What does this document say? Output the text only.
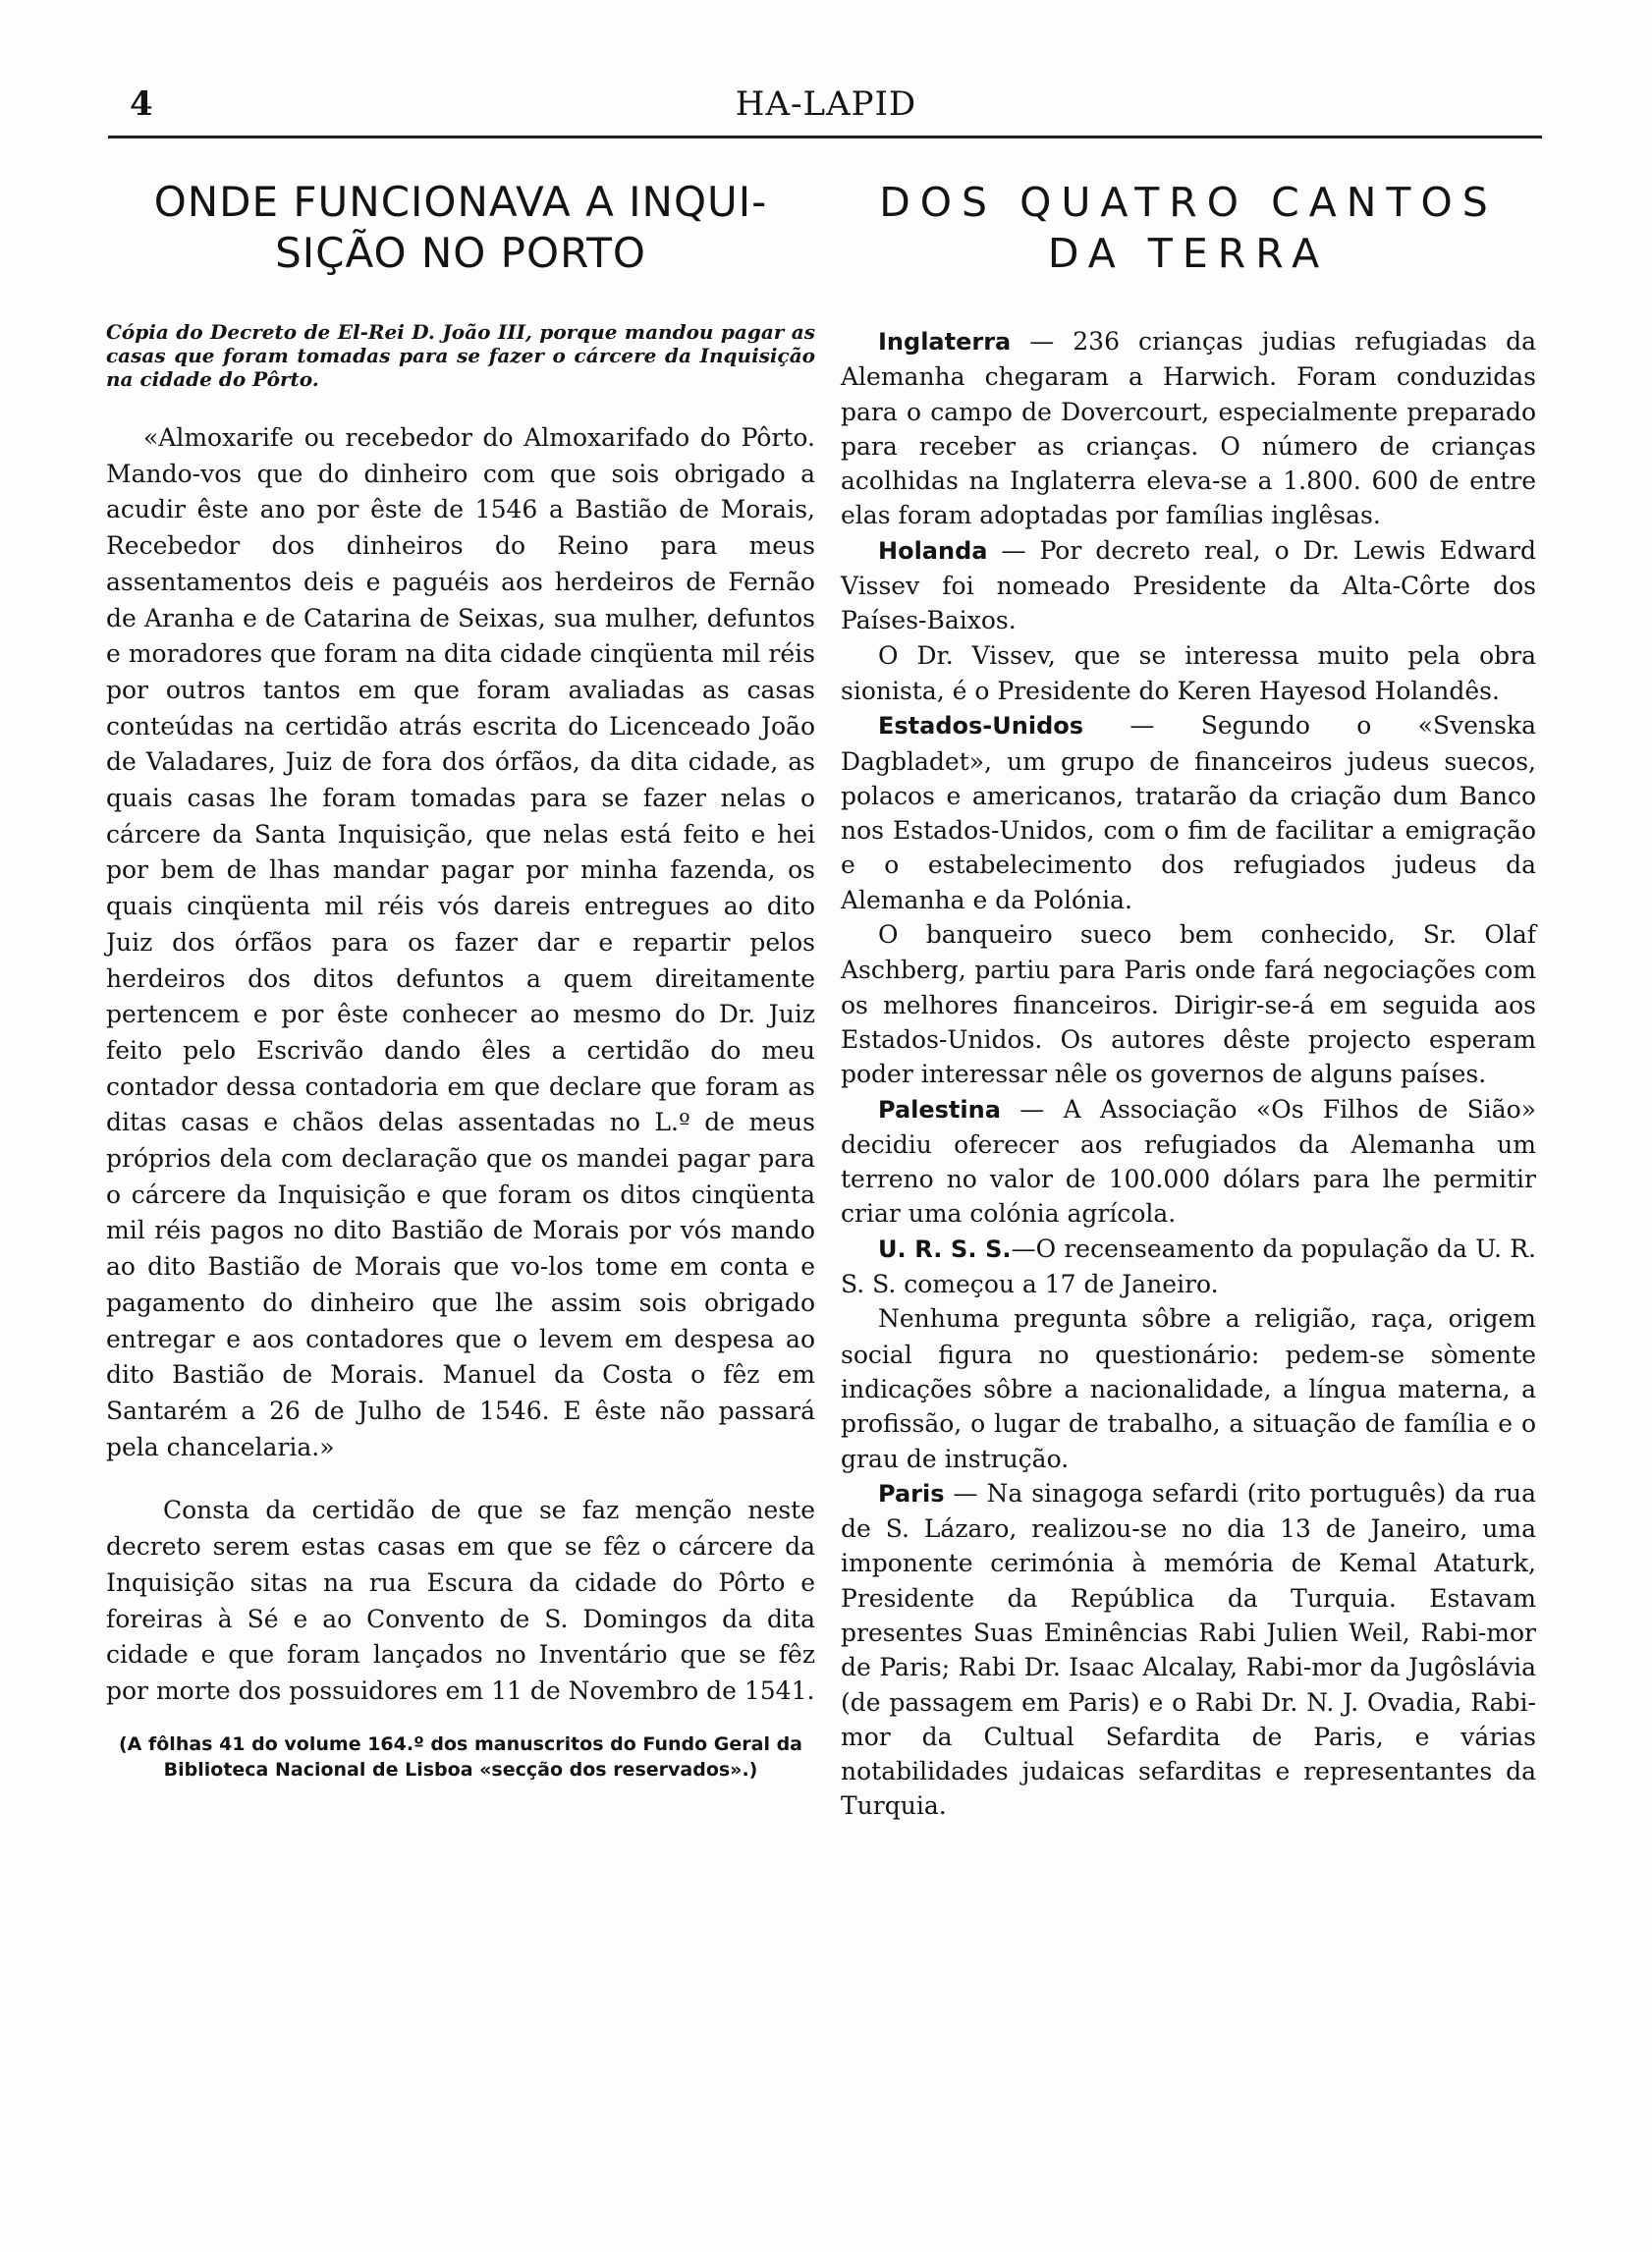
4	HA-LAPID
ONDE FUNCIONAVA A INQUI-
SIÇÃO NO PORTO

Cópia do Decreto de El-Rei D. João III, porque mandou pagar as casas que foram tomadas para se fazer o cárcere da Inquisição na cidade do Pôrto.

«Almoxarife ou recebedor do Almoxarifado do Pôrto. Mando-vos que do dinheiro com que sois obrigado a acudir êste ano por êste de 1546 a Bastião de Morais, Recebedor dos dinheiros do Reino para meus assentamentos deis e paguéis aos herdeiros de Fernão de Aranha e de Catarina de Seixas, sua mulher, defuntos e moradores que foram na dita cidade cinqüenta mil réis por outros tantos em que foram avaliadas as casas conteúdas na certidão atrás escrita do Licenceado João de Valadares, Juiz de fora dos órfãos, da dita cidade, as quais casas lhe foram tomadas para se fazer nelas o cárcere da Santa Inquisição, que nelas está feito e hei por bem de lhas mandar pagar por minha fazenda, os quais cinqüenta mil réis vós dareis entregues ao dito Juiz dos órfãos para os fazer dar e repartir pelos herdeiros dos ditos defuntos a quem direitamente pertencem e por êste conhecer ao mesmo do Dr. Juiz feito pelo Escrivão dando êles a certidão do meu contador dessa contadoria em que declare que foram as ditas casas e chãos delas assentadas no L.º de meus próprios dela com declaração que os mandei pagar para o cárcere da Inquisição e que foram os ditos cinqüenta mil réis pagos no dito Bastião de Morais por vós mando ao dito Bastião de Morais que vo-los tome em conta e pagamento do dinheiro que lhe assim sois obrigado entregar e aos contadores que o levem em despesa ao dito Bastião de Morais. Manuel da Costa o fêz em Santarém a 26 de Julho de 1546. E êste não passará pela chancelaria.»

Consta da certidão de que se faz menção neste decreto serem estas casas em que se fêz o cárcere da Inquisição sitas na rua Escura da cidade do Pôrto e foreiras à Sé e ao Convento de S. Domingos da dita cidade e que foram lançados no Inventário que se fêz por morte dos possuidores em 11 de Novembro de 1541.

(A fôlhas 41 do volume 164.º dos manuscritos do Fundo Geral da Biblioteca Nacional de Lisboa «secção dos reservados».)

DOS QUATRO CANTOS
DA TERRA

Inglaterra — 236 crianças judias refugiadas da Alemanha chegaram a Harwich. Foram conduzidas para o campo de Dovercourt, especialmente preparado para receber as crianças. O número de crianças acolhidas na Inglaterra eleva-se a 1.800. 600 de entre elas foram adoptadas por famílias inglêsas.

Holanda — Por decreto real, o Dr. Lewis Edward Vissev foi nomeado Presidente da Alta-Côrte dos Países-Baixos.

O Dr. Vissev, que se interessa muito pela obra sionista, é o Presidente do Keren Hayesod Holandês.

Estados-Unidos — Segundo o «Svenska Dagbladet», um grupo de financeiros judeus suecos, polacos e americanos, tratarão da criação dum Banco nos Estados-Unidos, com o fim de facilitar a emigração e o estabelecimento dos refugiados judeus da Alemanha e da Polónia.

O banqueiro sueco bem conhecido, Sr. Olaf Aschberg, partiu para Paris onde fará negociações com os melhores financeiros. Dirigir-se-á em seguida aos Estados-Unidos. Os autores dêste projecto esperam poder interessar nêle os governos de alguns países.

Palestina — A Associação «Os Filhos de Sião» decidiu oferecer aos refugiados da Alemanha um terreno no valor de 100.000 dólars para lhe permitir criar uma colónia agrícola.

U. R. S. S.—O recenseamento da população da U. R. S. S. começou a 17 de Janeiro.

Nenhuma pregunta sôbre a religião, raça, origem social figura no questionário: pedem-se sòmente indicações sôbre a nacionalidade, a língua materna, a profissão, o lugar de trabalho, a situação de família e o grau de instrução.

Paris — Na sinagoga sefardi (rito português) da rua de S. Lázaro, realizou-se no dia 13 de Janeiro, uma imponente cerimónia à memória de Kemal Ataturk, Presidente da República da Turquia. Estavam presentes Suas Eminências Rabi Julien Weil, Rabi-mor de Paris; Rabi Dr. Isaac Alcalay, Rabi-mor da Jugôslávia (de passagem em Paris) e o Rabi Dr. N. J. Ovadia, Rabi-mor da Cultual Sefardita de Paris, e várias notabilidades judaicas sefarditas e representantes da Turquia.
